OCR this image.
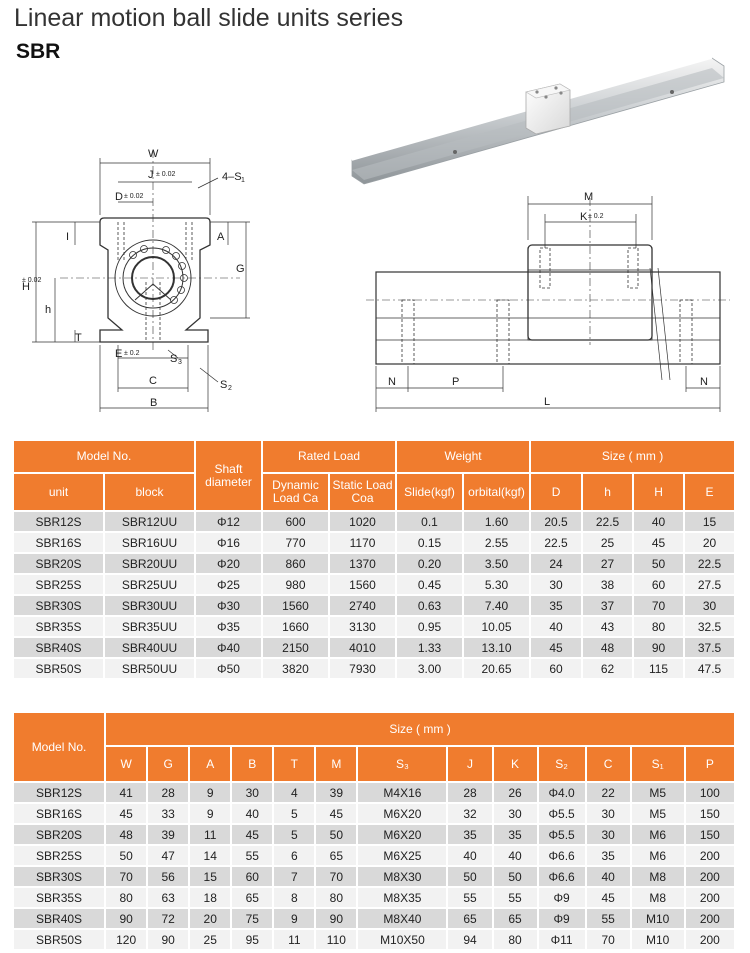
Linear motion ball slide units series
SBR
W
J ± 0.02
D ± 0.02
4–S 1
I	A
G
H
± 0.02
h
T
E ± 0.2	S 3
C	S 2
B
M
K ± 0.2
N	P	N
L
Model No.		Shaft diameter	Rated Load		Weight		Size ( mm )			
unit	block		Dynamic Load Ca	Static Load Coa	Slide(kgf)	orbital(kgf)	D	h	H	E
SBR12S	SBR12UU	Φ12	600	1020	0.1	1.60	20.5	22.5	40	15
SBR16S	SBR16UU	Φ16	770	1170	0.15	2.55	22.5	25	45	20
SBR20S	SBR20UU	Φ20	860	1370	0.20	3.50	24	27	50	22.5
SBR25S	SBR25UU	Φ25	980	1560	0.45	5.30	30	38	60	27.5
SBR30S	SBR30UU	Φ30	1560	2740	0.63	7.40	35	37	70	30
SBR35S	SBR35UU	Φ35	1660	3130	0.95	10.05	40	43	80	32.5
SBR40S	SBR40UU	Φ40	2150	4010	1.33	13.10	45	48	90	37.5
SBR50S	SBR50UU	Φ50	3820	7930	3.00	20.65	60	62	115	47.5
Model No.	Size ( mm )												
	W	G	A	B	T	M	S₃	J	K	S₂	C	S₁	P
SBR12S	41	28	9	30	4	39	M4X16	28	26	Φ4.0	22	M5	100
SBR16S	45	33	9	40	5	45	M6X20	32	30	Φ5.5	30	M5	150
SBR20S	48	39	11	45	5	50	M6X20	35	35	Φ5.5	30	M6	150
SBR25S	50	47	14	55	6	65	M6X25	40	40	Φ6.6	35	M6	200
SBR30S	70	56	15	60	7	70	M8X30	50	50	Φ6.6	40	M8	200
SBR35S	80	63	18	65	8	80	M8X35	55	55	Φ9	45	M8	200
SBR40S	90	72	20	75	9	90	M8X40	65	65	Φ9	55	M10	200
SBR50S	120	90	25	95	11	110	M10X50	94	80	Φ11	70	M10	200
